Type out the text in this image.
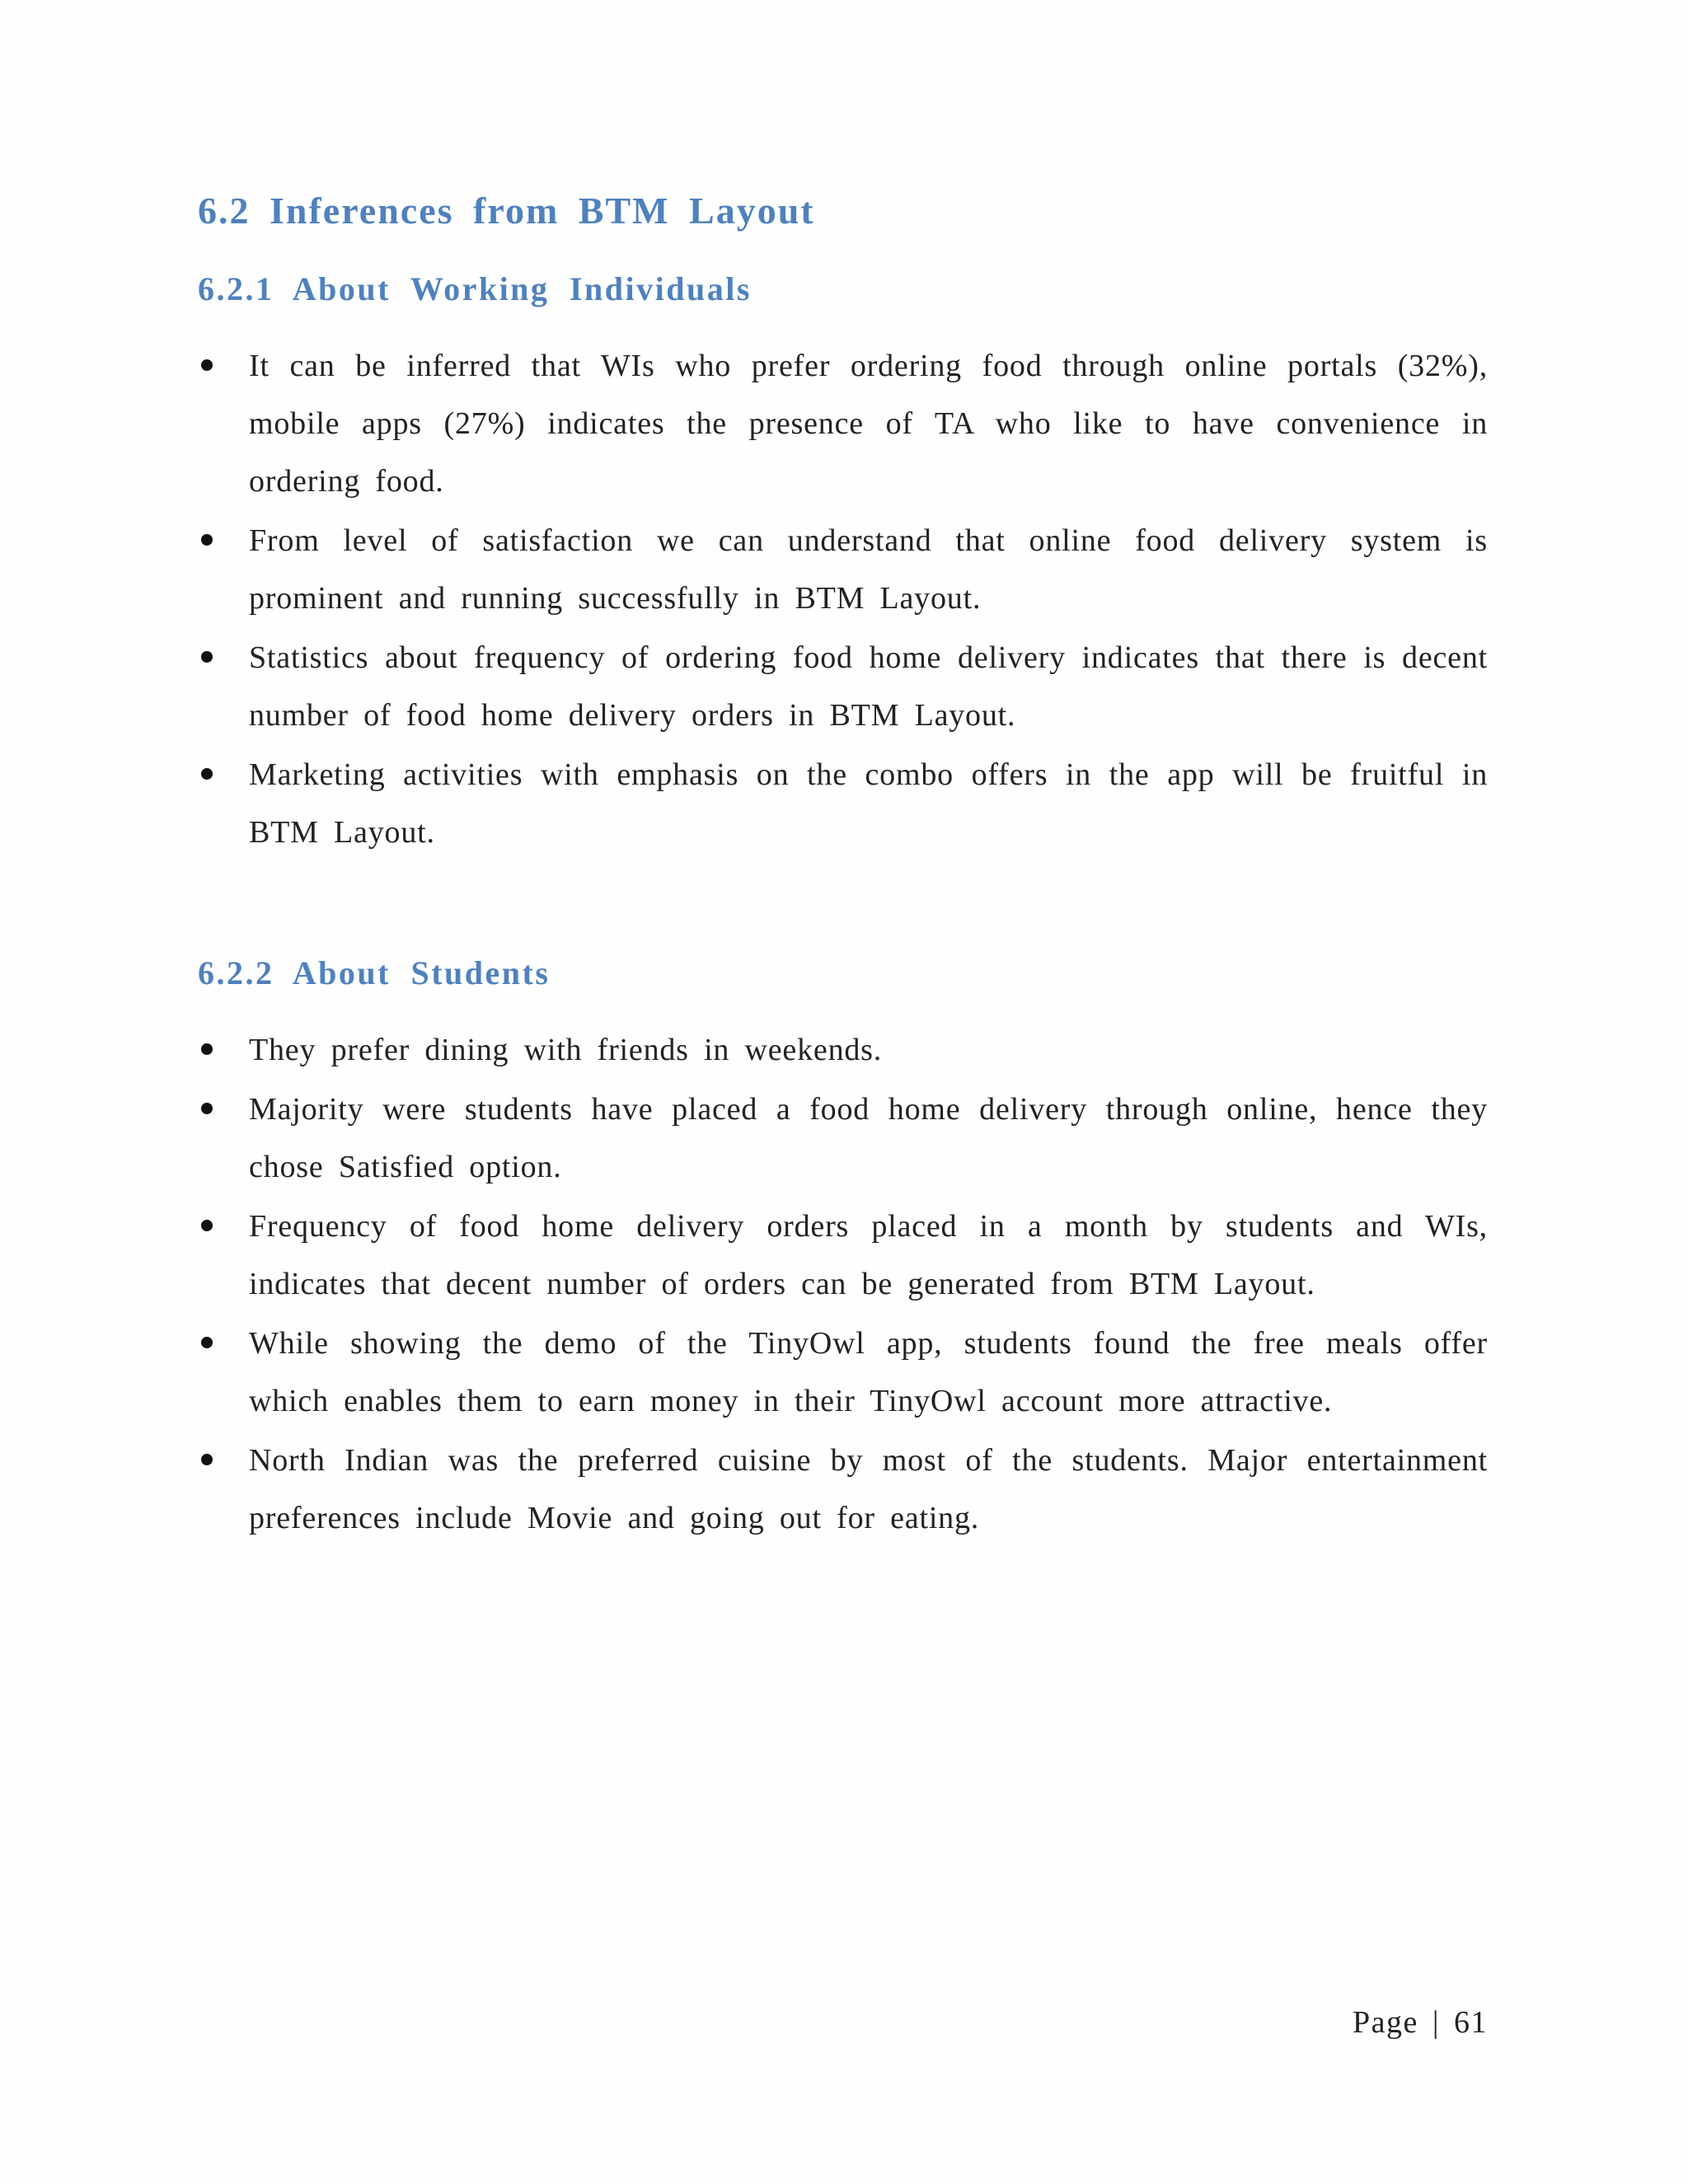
6.2 Inferences from BTM Layout
6.2.1 About Working Individuals
It can be inferred that WIs who prefer ordering food through online portals (32%), mobile apps (27%) indicates the presence of TA who like to have convenience in ordering food.
From level of satisfaction we can understand that online food delivery system is prominent and running successfully in BTM Layout.
Statistics about frequency of ordering food home delivery indicates that there is decent number of food home delivery orders in BTM Layout.
Marketing activities with emphasis on the combo offers in the app will be fruitful in BTM Layout.
6.2.2 About Students
They prefer dining with friends in weekends.
Majority were students have placed a food home delivery through online, hence they chose Satisfied option.
Frequency of food home delivery orders placed in a month by students and WIs, indicates that decent number of orders can be generated from BTM Layout.
While showing the demo of the TinyOwl app, students found the free meals offer which enables them to earn money in their TinyOwl account more attractive.
North Indian was the preferred cuisine by most of the students. Major entertainment preferences include Movie and going out for eating.
Page | 61
